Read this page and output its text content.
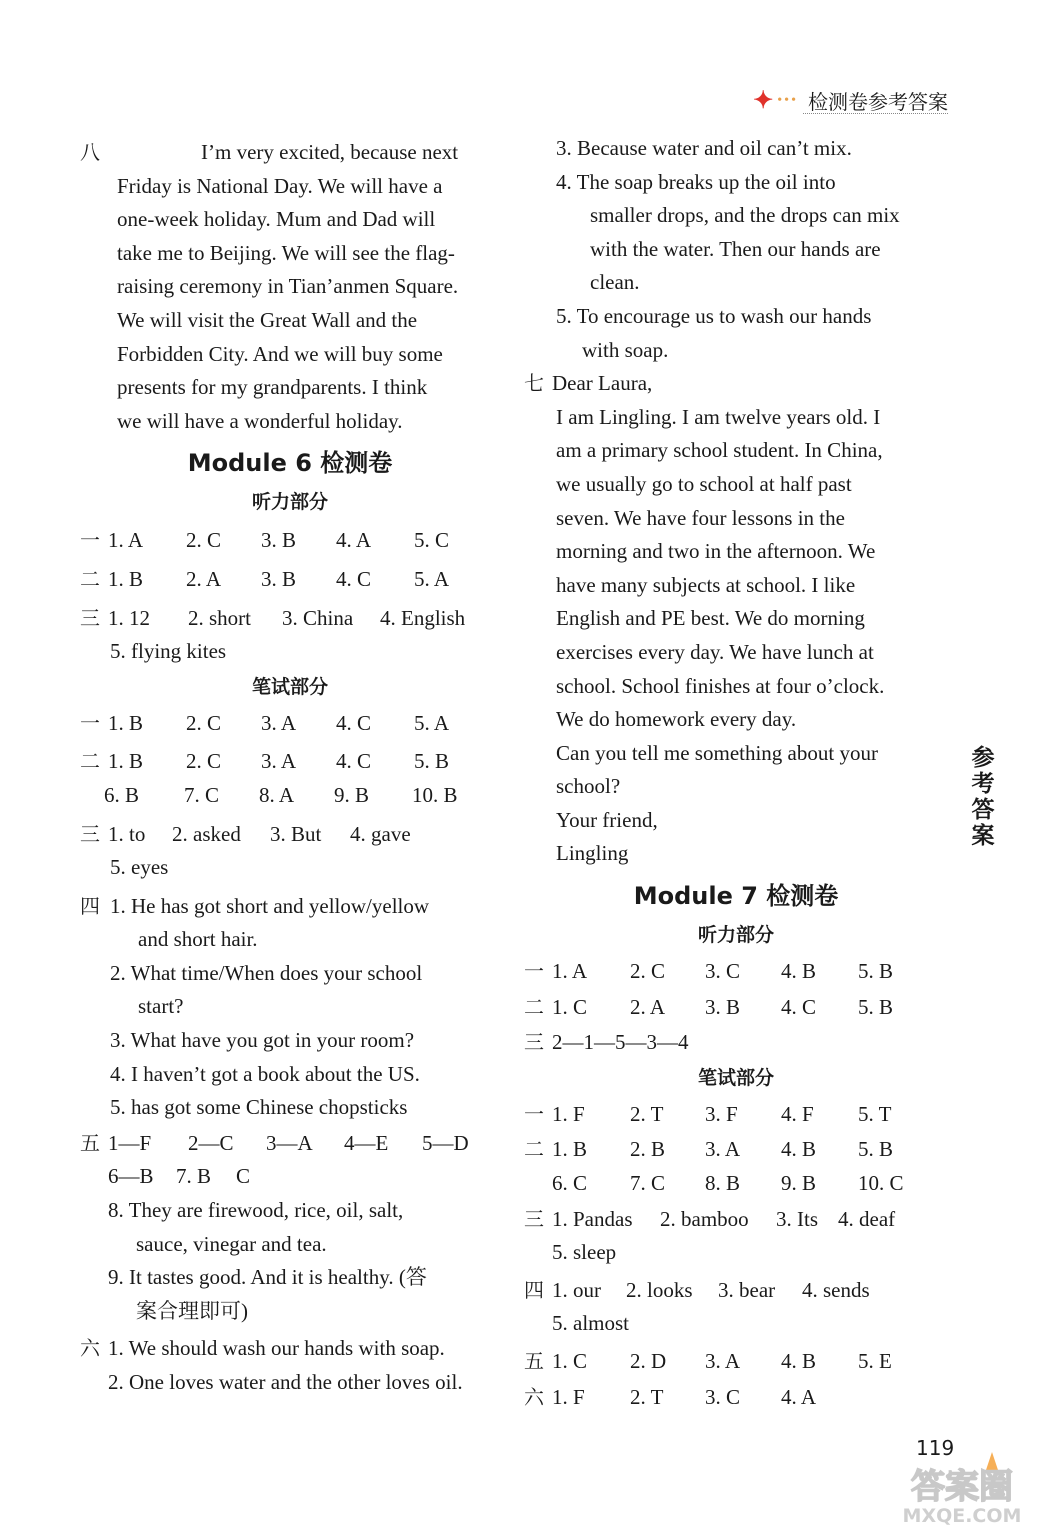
✦ ••• 检测卷参考答案
八	I’m very excited, because next
Friday is National Day. We will have a
one-week holiday. Mum and Dad will
take me to Beijing. We will see the flag-
raising ceremony in Tian’anmen Square.
We will visit the Great Wall and the
Forbidden City. And we will buy some
presents for my grandparents. I think
we will have a wonderful holiday.
Module 6 检测卷
听力部分
一 1. A	2. C	3. B	4. A	5. C
二 1. B	2. A	3. B	4. C	5. A
三 1. 12	2. short	3. China	4. English
5. flying kites
笔试部分
一 1. B	2. C	3. A	4. C	5. A
二 1. B	2. C	3. A	4. C	5. B
6. B	7. C	8. A	9. B	10. B
三 1. to	2. asked	3. But	4. gave
5. eyes
四 1. He has got short and yellow/yellow
and short hair.
2. What time/When does your school
start?
3. What have you got in your room?
4. I haven’t got a book about the US.
5. has got some Chinese chopsticks
五 1—F	2—C	3—A	4—E	5—D
6—B	7. B	C
8. They are firewood, rice, oil, salt,
sauce, vinegar and tea.
9. It tastes good. And it is healthy. (答
案合理即可)
六 1. We should wash our hands with soap.
2. One loves water and the other loves oil.
3. Because water and oil can’t mix.
4. The soap breaks up the oil into
smaller drops, and the drops can mix
with the water. Then our hands are
clean.
5. To encourage us to wash our hands
with soap.
七 Dear Laura,
I am Lingling. I am twelve years old. I
am a primary school student. In China,
we usually go to school at half past
seven. We have four lessons in the
morning and two in the afternoon. We
have many subjects at school. I like
English and PE best. We do morning
exercises every day. We have lunch at
school. School finishes at four o’clock.
We do homework every day.
Can you tell me something about your
school?
Your friend,
Lingling
Module 7 检测卷
听力部分
一 1. A	2. C	3. C	4. B	5. B
二 1. C	2. A	3. B	4. C	5. B
三 2—1—5—3—4
笔试部分
一 1. F	2. T	3. F	4. F	5. T
二 1. B	2. B	3. A	4. B	5. B
6. C	7. C	8. B	9. B	10. C
三 1. Pandas	2. bamboo	3. Its 4. deaf
5. sleep
四 1. our	2. looks	3. bear	4. sends
5. almost
五 1. C	2. D	3. A	4. B	5. E
六 1. F	2. T	3. C	4. A
参
考
答
案
119
答案圈
MXQE.COM
